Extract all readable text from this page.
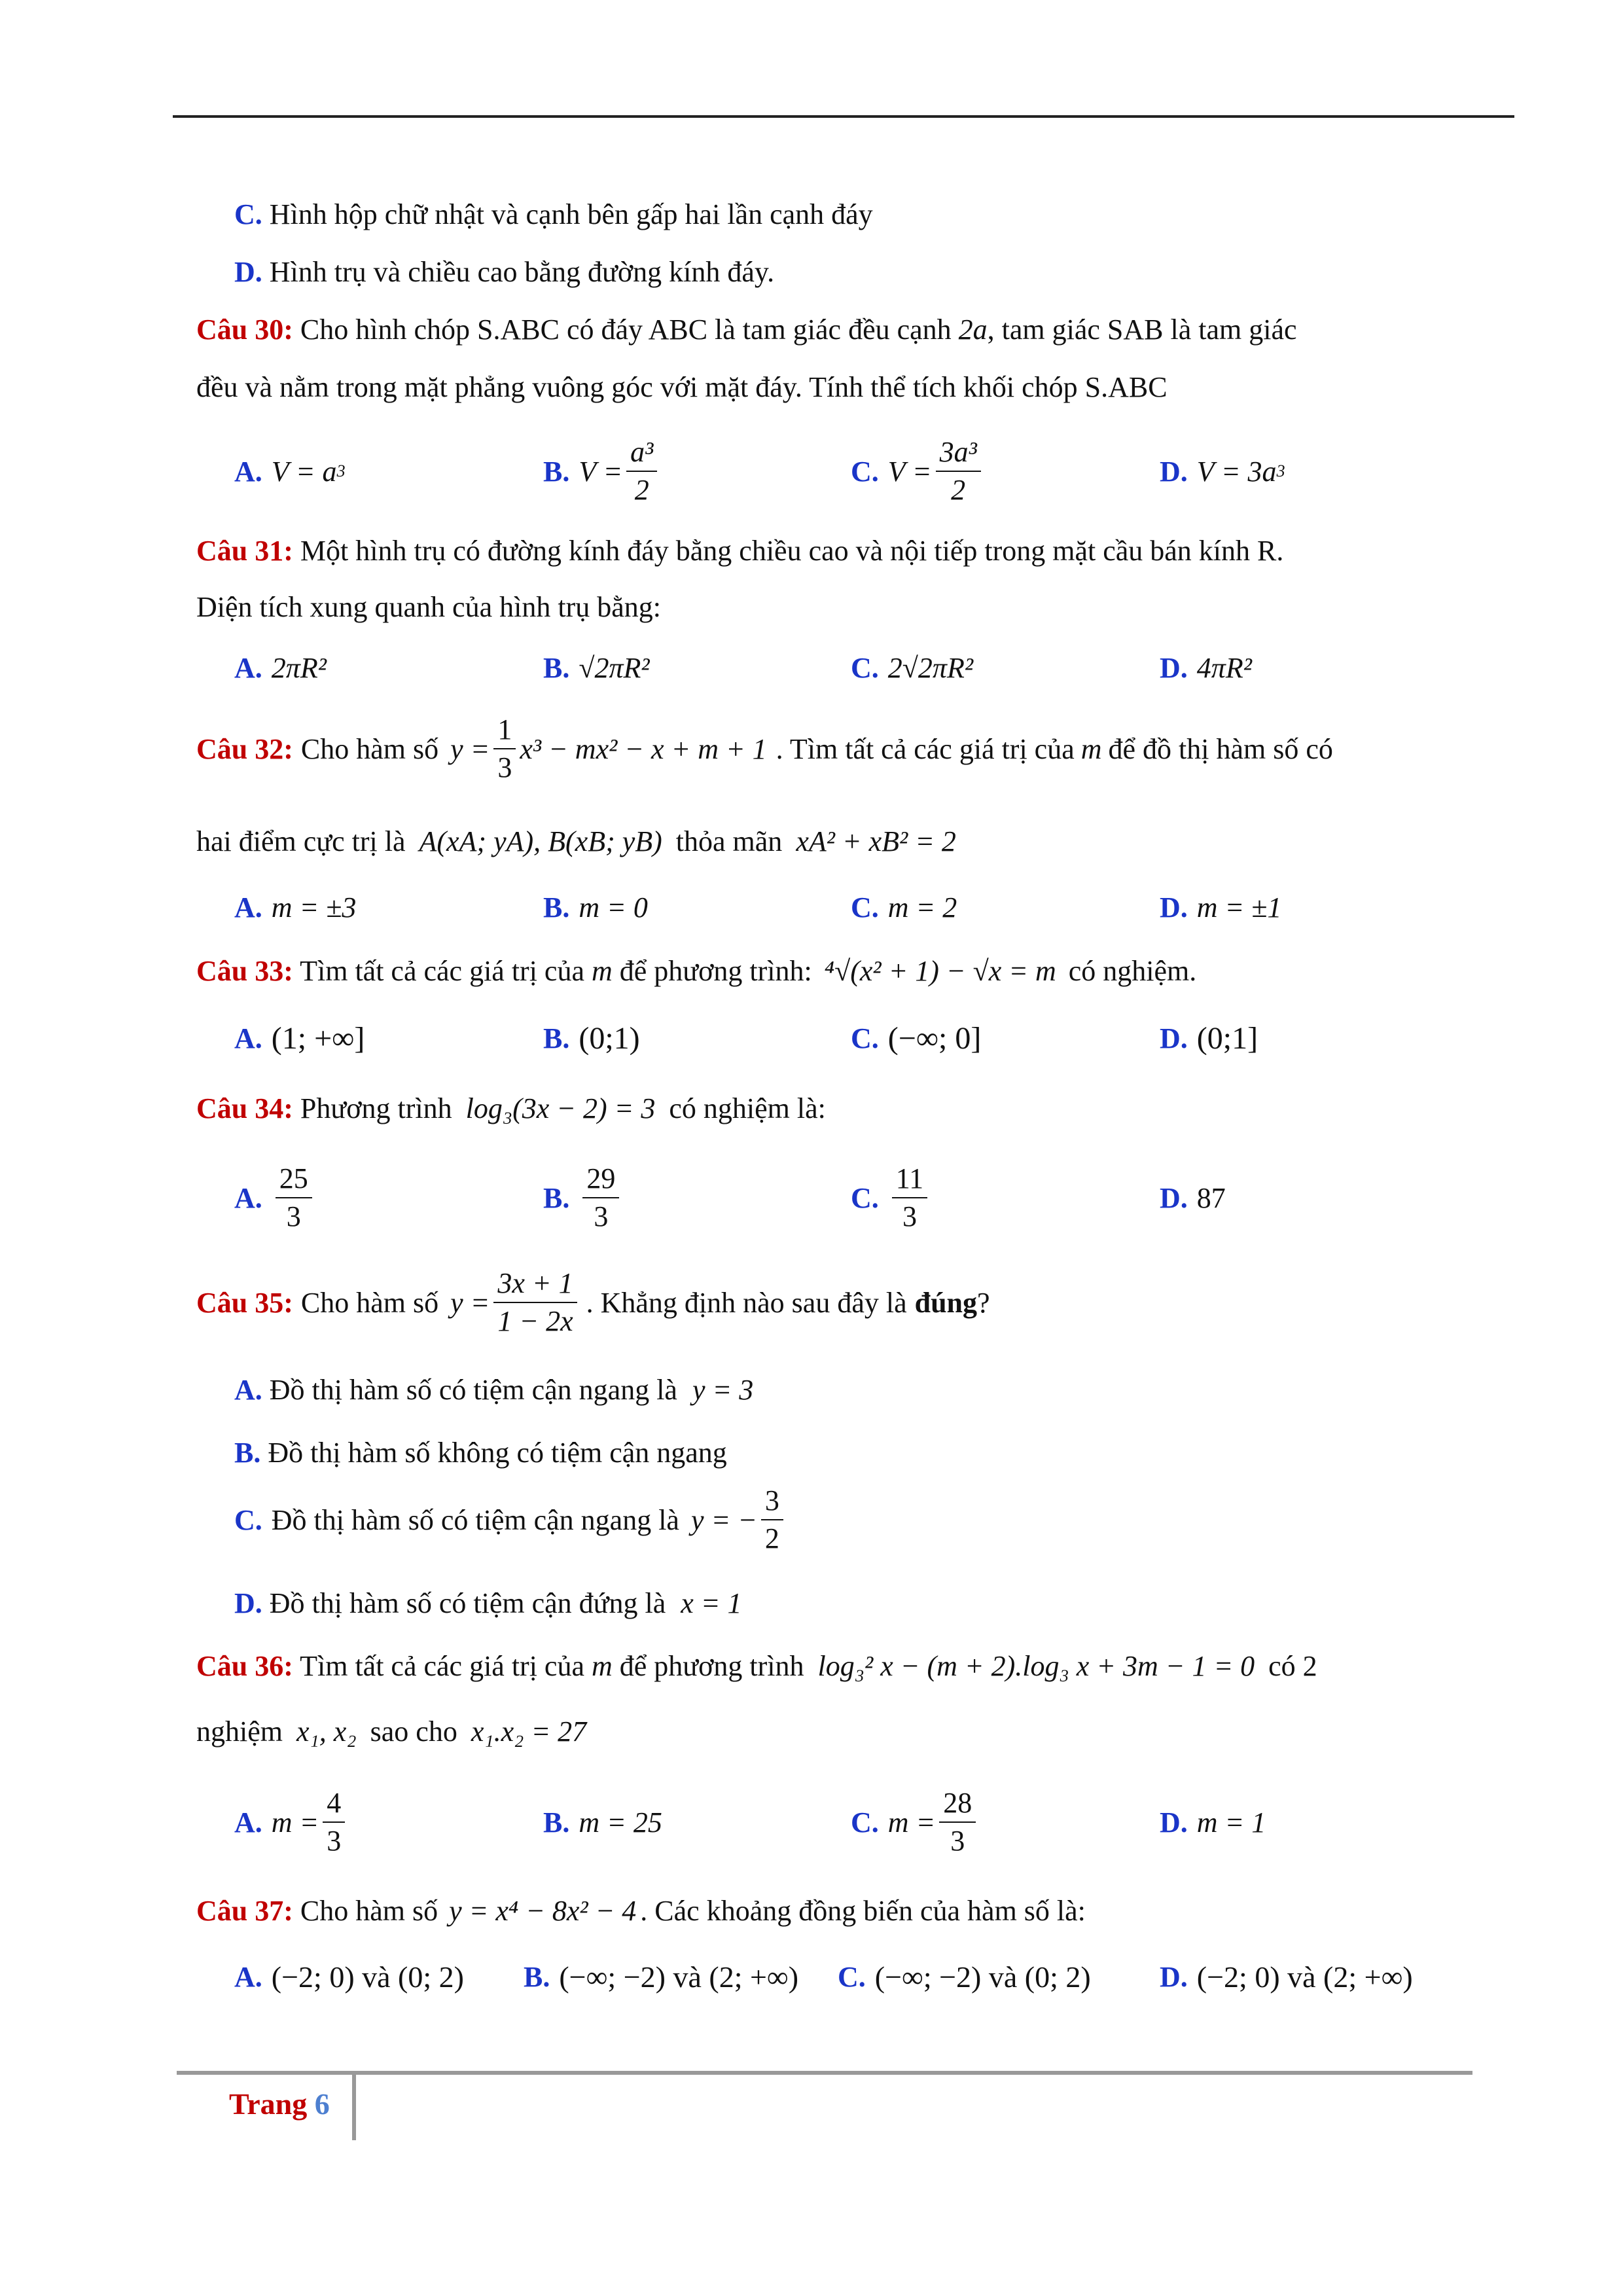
C. Hình hộp chữ nhật và cạnh bên gấp hai lần cạnh đáy
D. Hình trụ và chiều cao bằng đường kính đáy.
Câu 30: Cho hình chóp S.ABC có đáy ABC là tam giác đều cạnh 2a, tam giác SAB là tam giác
đều và nằm trong mặt phẳng vuông góc với mặt đáy. Tính thể tích khối chóp S.ABC
A. V = a 3	B. $V = \frac{\text{a³}}{2}$	C. $V = \frac{\text{3a³}}{2}$	D. V = 3a 3
Câu 31: Một hình trụ có đường kính đáy bằng chiều cao và nội tiếp trong mặt cầu bán kính R.
Diện tích xung quanh của hình trụ bằng:
A. 2πR²	B. √2πR²	C. 2√2πR²	D. 4πR²
Câu 32: Cho hàm số $y = \frac{1}{3} x^3 - mx^2 - x + m + 1$ . Tìm tất cả các giá trị của m để đồ thị hàm số có
hai điểm cực trị là A(xA; yA), B(xB; yB) thỏa mãn xA² + xB² = 2
A. m = ±3	B. m = 0	C. m = 2	D. m = ±1
Câu 33: Tìm tất cả các giá trị của m để phương trình: ⁴√(x² + 1) − √x = m có nghiệm.
A. (1; +∞]	B. (0;1)	C. (−∞; 0]	D. (0;1]
Câu 34: Phương trình log₃(3x − 2) = 3 có nghiệm là:
A. $\frac{25}{3}$	B. $\frac{29}{3}$	C. $\frac{11}{3}$	D. 87
Câu 35: Cho hàm số $y = \frac{3x + 1}{1 - 2x}$ . Khẳng định nào sau đây là đúng ?
A. Đồ thị hàm số có tiệm cận ngang là y = 3
B. Đồ thị hàm số không có tiệm cận ngang
C. Đồ thị hàm số có tiệm cận ngang là y = − $\frac{3}{2}$
D. Đồ thị hàm số có tiệm cận đứng là x = 1
Câu 36: Tìm tất cả các giá trị của m để phương trình log₃² x − (m + 2).log₃ x + 3m − 1 = 0 có 2
nghiệm x₁, x₂ sao cho x₁.x₂ = 27
A. $m = \frac{4}{3}$	B. m = 25	C. $m = \frac{28}{3}$	D. m = 1
Câu 37: Cho hàm số y = x⁴ − 8x² − 4 . Các khoảng đồng biến của hàm số là:
A. (−2; 0) và (0; 2) B. (−∞; −2) và (2; +∞) C. (−∞; −2) và (0; 2) D. (−2; 0) và (2; +∞)
Trang 6
